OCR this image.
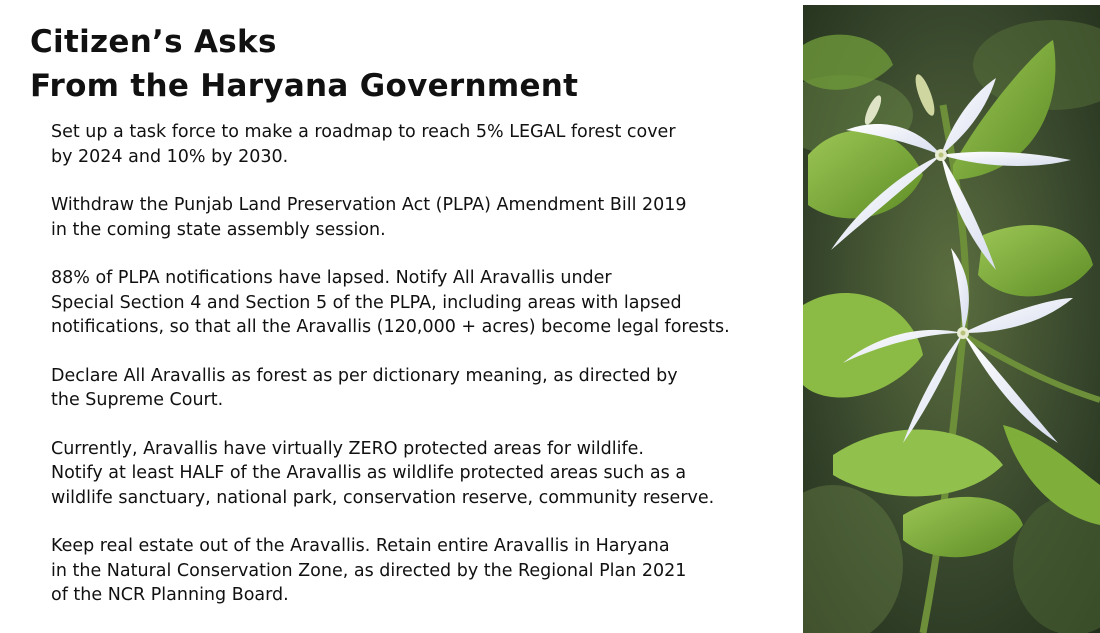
Citizen’s Asks
From the Haryana Government
Set up a task force to make a roadmap to reach 5% LEGAL forest cover
by 2024 and 10% by 2030.
Withdraw the Punjab Land Preservation Act (PLPA) Amendment Bill 2019
in the coming state assembly session.
88% of PLPA notifications have lapsed. Notify All Aravallis under
Special Section 4 and Section 5 of the PLPA, including areas with lapsed
notifications, so that all the Aravallis (120,000 + acres) become legal forests.
Declare All Aravallis as forest as per dictionary meaning, as directed by
the Supreme Court.
Currently, Aravallis have virtually ZERO protected areas for wildlife.
Notify at least HALF of the Aravallis as wildlife protected areas such as a
wildlife sanctuary, national park, conservation reserve, community reserve.
Keep real estate out of the Aravallis. Retain entire Aravallis in Haryana
in the Natural Conservation Zone, as directed by the Regional Plan 2021
of the NCR Planning Board.
